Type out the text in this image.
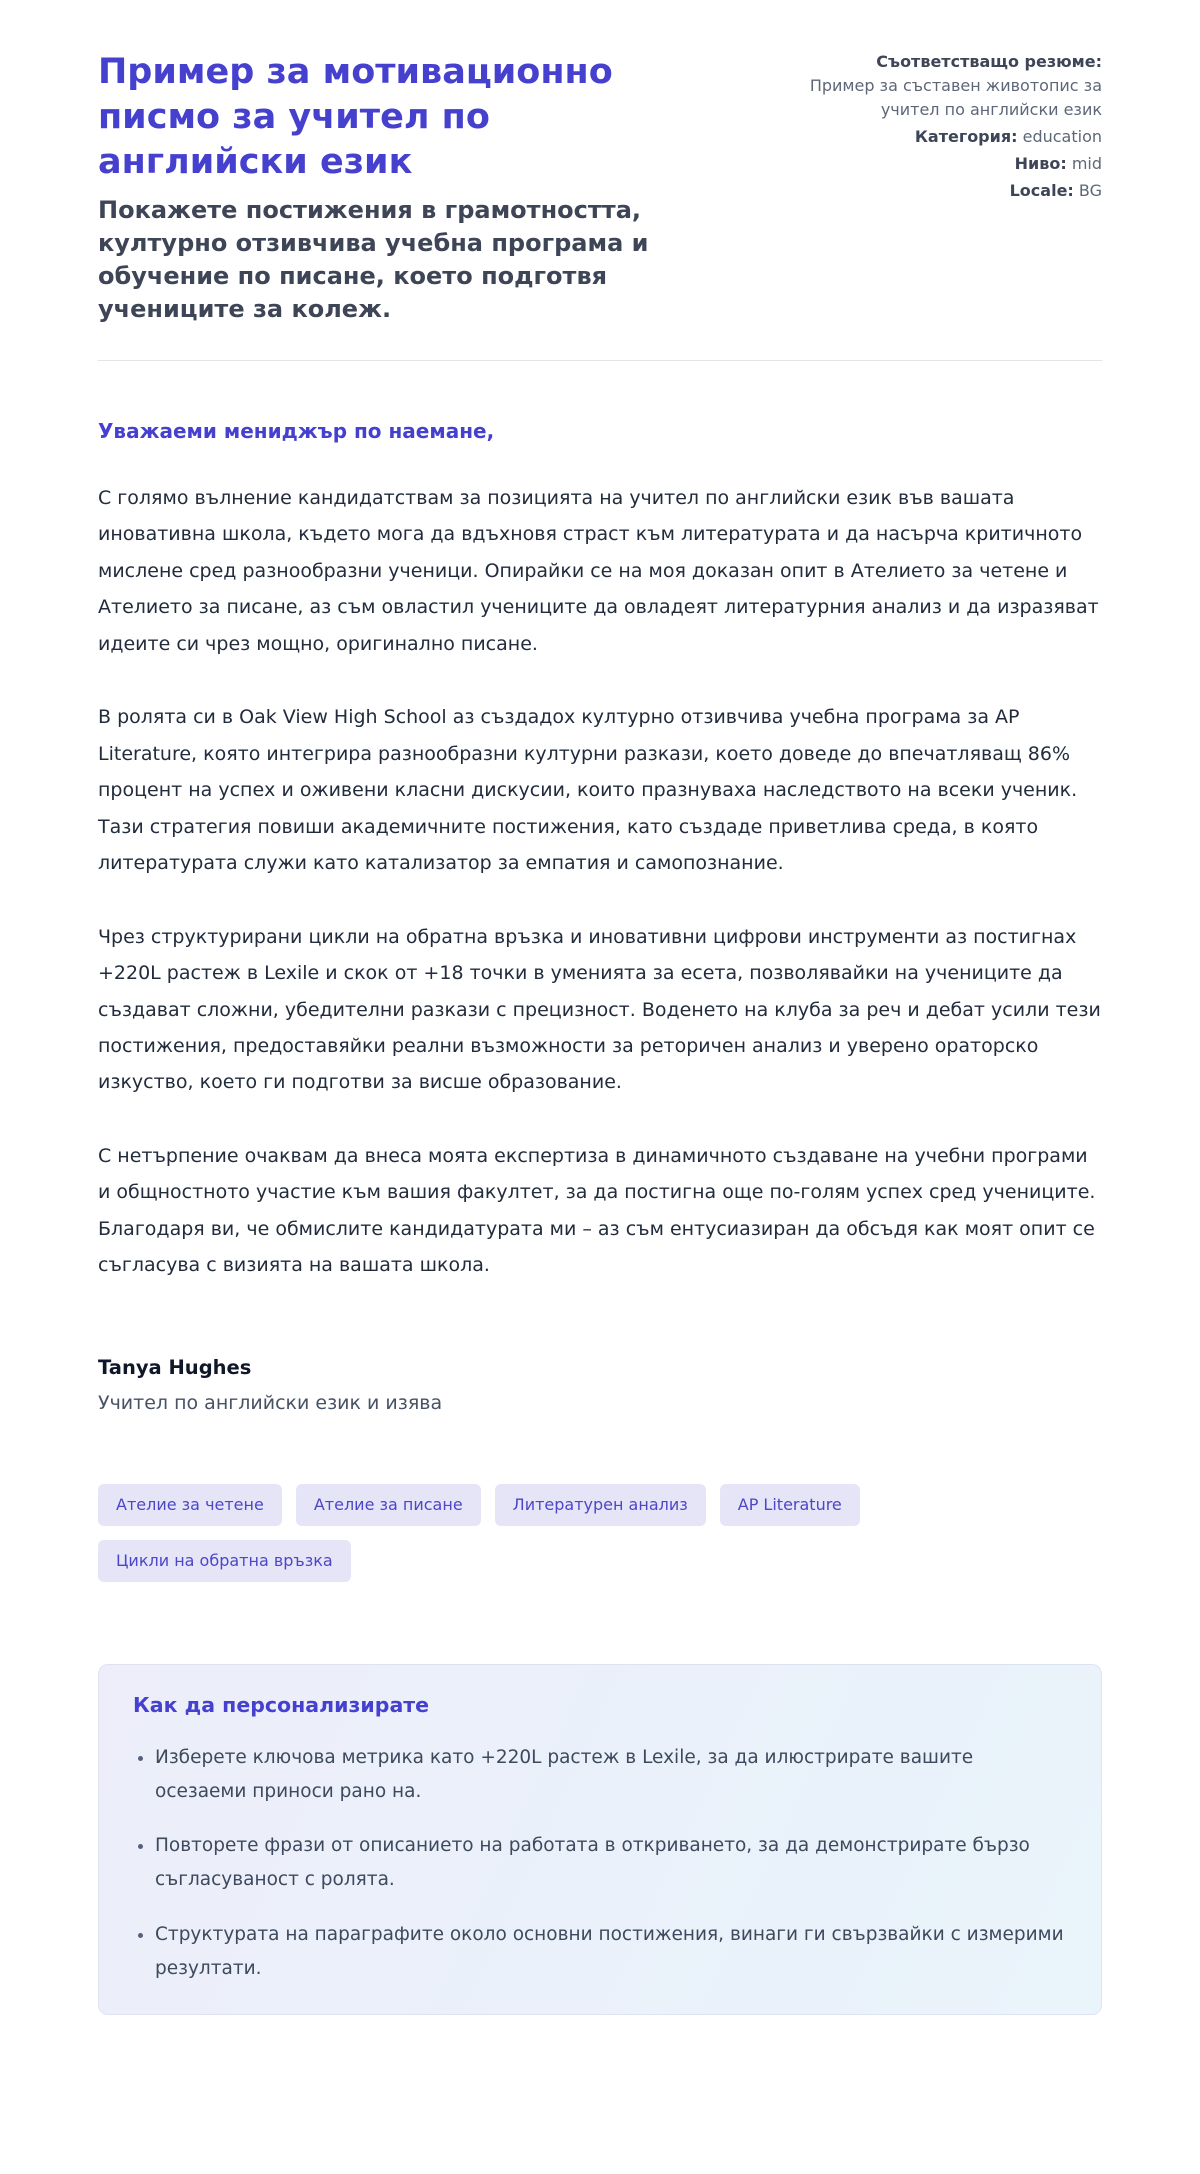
Пример за мотивационно писмо за учител по английски език

Покажете постижения в грамотността, културно отзивчива учебна програма и обучение по писане, което подготвя учениците за колеж.

Съответстващо резюме:
Пример за съставен животопис за учител по английски език
Категория: education
Ниво: mid
Locale: BG

Уважаеми мениджър по наемане,

С голямо вълнение кандидатствам за позицията на учител по английски език във вашата иновативна школа, където мога да вдъхновя страст към литературата и да насърча критичното мислене сред разнообразни ученици. Опирайки се на моя доказан опит в Ателието за четене и Ателието за писане, аз съм овластил учениците да овладеят литературния анализ и да изразяват идеите си чрез мощно, оригинално писане.

В ролята си в Oak View High School аз създадох културно отзивчива учебна програма за AP Literature, която интегрира разнообразни културни разкази, което доведе до впечатляващ 86% процент на успех и оживени класни дискусии, които празнуваха наследството на всеки ученик. Тази стратегия повиши академичните постижения, като създаде приветлива среда, в която литературата служи като катализатор за емпатия и самопознание.

Чрез структурирани цикли на обратна връзка и иновативни цифрови инструменти аз постигнах +220L растеж в Lexile и скок от +18 точки в уменията за есета, позволявайки на учениците да създават сложни, убедителни разкази с прецизност. Воденето на клуба за реч и дебат усили тези постижения, предоставяйки реални възможности за реторичен анализ и уверено ораторско изкуство, което ги подготви за висше образование.

С нетърпение очаквам да внеса моята експертиза в динамичното създаване на учебни програми и общностното участие към вашия факултет, за да постигна още по-голям успех сред учениците. Благодаря ви, че обмислите кандидатурата ми – аз съм ентусиазиран да обсъдя как моят опит се съгласува с визията на вашата школа.

Tanya Hughes

Учител по английски език и изява

Ателие за четене	Ателие за писане	Литературен анализ	AP Literature
Цикли на обратна връзка
Как да персонализирате
• Изберете ключова метрика като +220L растеж в Lexile, за да илюстрирате вашите осезаеми приноси рано на.
• Повторете фрази от описанието на работата в откриването, за да демонстрирате бързо съгласуваност с ролята.
• Структурата на параграфите около основни постижения, винаги ги свързвайки с измерими резултати.
